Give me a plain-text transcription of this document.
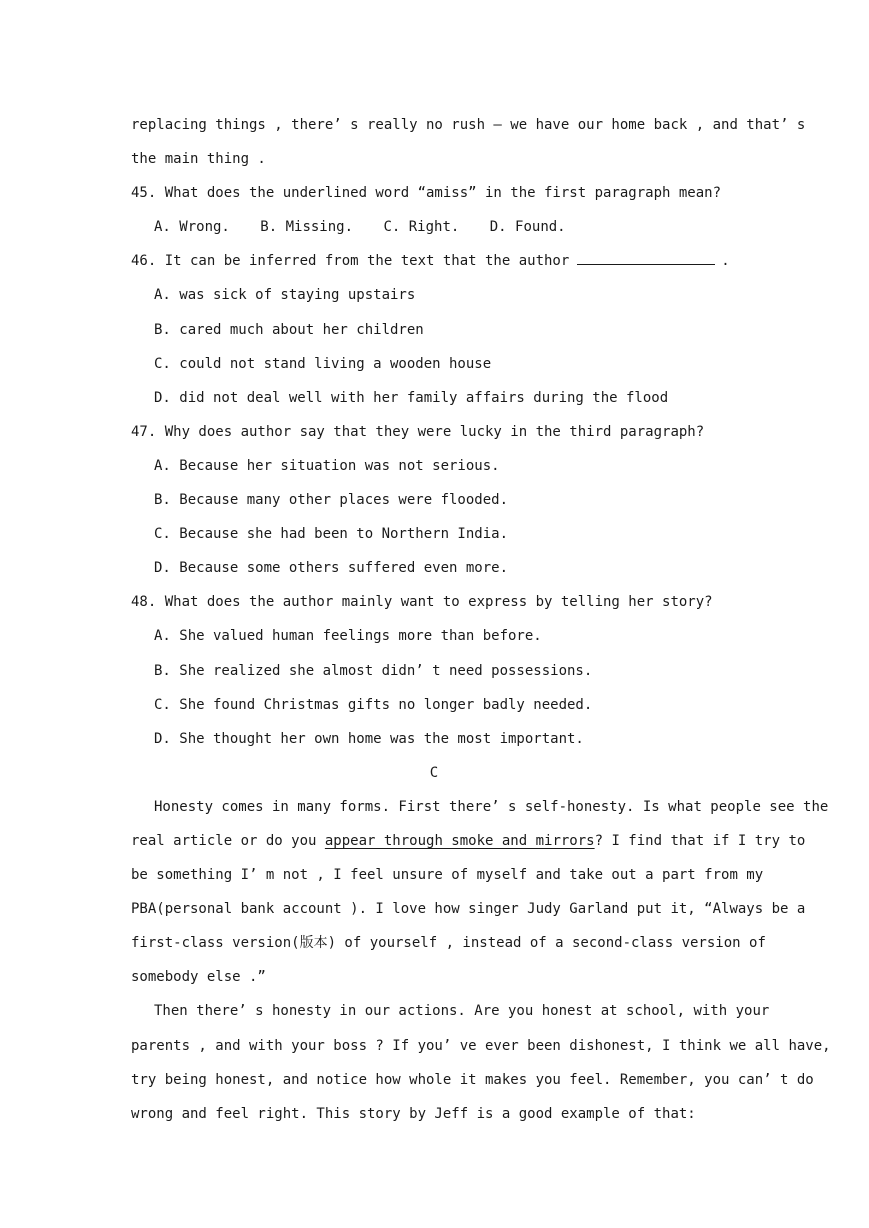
replacing things , there’ s really no rush — we have our home back , and that’ s
the main thing .
45. What does the underlined word “amiss” in the first paragraph mean?
A. Wrong. B. Missing. C. Right. D. Found.
46. It can be inferred from the text that the author	.
A. was sick of staying upstairs
B. cared much about her children
C. could not stand living a wooden house
D. did not deal well with her family affairs during the flood
47. Why does author say that they were lucky in the third paragraph?
A. Because her situation was not serious.
B. Because many other places were flooded.
C. Because she had been to Northern India.
D. Because some others suffered even more.
48. What does the author mainly want to express by telling her story?
A. She valued human feelings more than before.
B. She realized she almost didn’ t need possessions.
C. She found Christmas gifts no longer badly needed.
D. She thought her own home was the most important.
C
Honesty comes in many forms. First there’ s self-honesty. Is what people see the
real article or do you appear through smoke and mirrors? I find that if I try to
be something I’ m not , I feel unsure of myself and take out a part from my
PBA(personal bank account ). I love how singer Judy Garland put it, “Always be a
first-class version(版本) of yourself , instead of a second-class version of
somebody else .”
Then there’ s honesty in our actions. Are you honest at school, with your
parents , and with your boss ? If you’ ve ever been dishonest, I think we all have,
try being honest, and notice how whole it makes you feel. Remember, you can’ t do
wrong and feel right. This story by Jeff is a good example of that:
